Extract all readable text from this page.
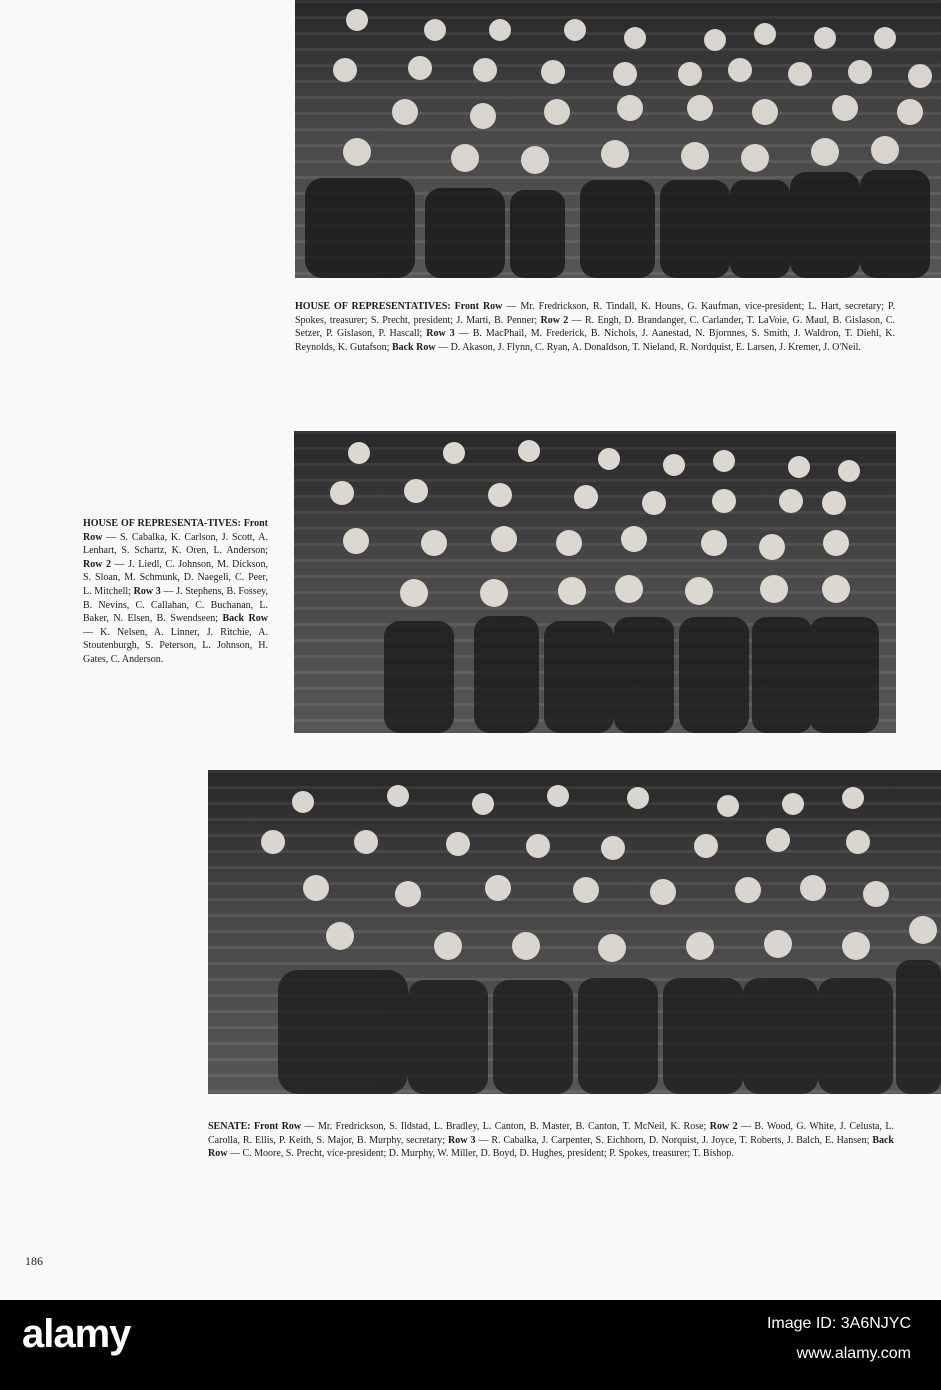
HOUSE OF REPRESENTATIVES: Front Row — Mr. Fredrickson, R. Tindall, K. Houns, G. Kaufman, vice-president; L. Hart, secretary; P. Spokes, treasurer; S. Precht, president; J. Marti, B. Penner; Row 2 — R. Engh, D. Brandanger, C. Carlander, T. LaVoie, G. Maul, B. Gislason, C. Setzer, P. Gislason, P. Hascall; Row 3 — B. MacPhail, M. Frederick, B. Nichols, J. Aanestad, N. Bjornnes, S. Smith, J. Waldron, T. Diehl, K. Reynolds, K. Gutafson; Back Row — D. Akason, J. Flynn, C. Ryan, A. Donaldson, T. Nieland, R. Nordquist, E. Larsen, J. Kremer, J. O'Neil.

HOUSE OF REPRESENTA-TIVES: Front Row — S. Cabalka, K. Carlson, J. Scott, A. Lenhart, S. Schartz, K. Oren, L. Anderson; Row 2 — J. Liedl, C. Johnson, M. Dickson, S. Sloan, M. Schmunk, D. Naegeli, C. Peer, L. Mitchell; Row 3 — J. Stephens, B. Fossey, B. Nevins, C. Callahan, C. Buchanan, L. Baker, N. Elsen, B. Swendseen; Back Row — K. Nelsen, A. Linner, J. Ritchie, A. Stoutenburgh, S. Peterson, L. Johnson, H. Gates, C. Anderson.

SENATE: Front Row — Mr. Fredrickson, S. Ildstad, L. Bradley, L. Canton, B. Master, B. Canton, T. McNeil, K. Rose; Row 2 — B. Wood, G. White, J. Celusta, L. Carolla, R. Ellis, P. Keith, S. Major, B. Murphy, secretary; Row 3 — R. Cabalka, J. Carpenter, S. Eichhorn, D. Norquist, J. Joyce, T. Roberts, J. Balch, E. Hansen; Back Row — C. Moore, S. Precht, vice-president; D. Murphy, W. Miller, D. Boyd, D. Hughes, president; P. Spokes, treasurer; T. Bishop.

186
alamy	Image ID: 3A6NJYC
www.alamy.com
